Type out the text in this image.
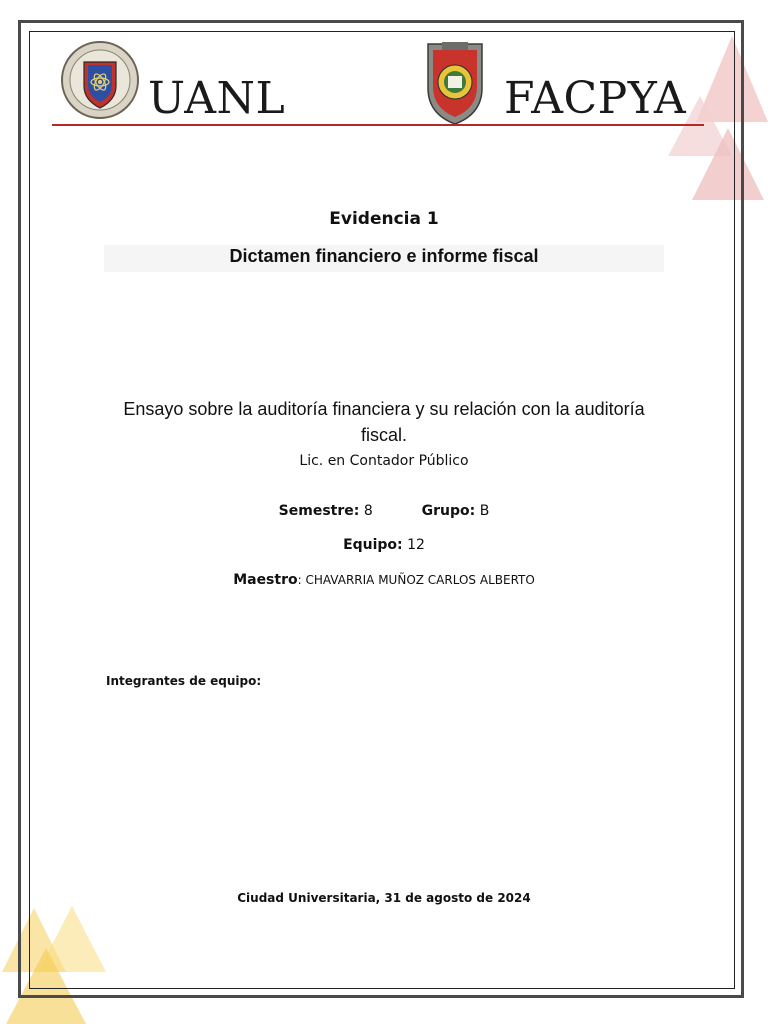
UANL	FACPYA
Evidencia 1
Dictamen financiero e informe fiscal
Ensayo sobre la auditoría financiera y su relación con la auditoría fiscal.
Lic. en Contador Público
Semestre: 8	Grupo: B
Equipo: 12
Maestro: CHAVARRIA MUÑOZ CARLOS ALBERTO
Integrantes de equipo:
Ciudad Universitaria, 31 de agosto de 2024
